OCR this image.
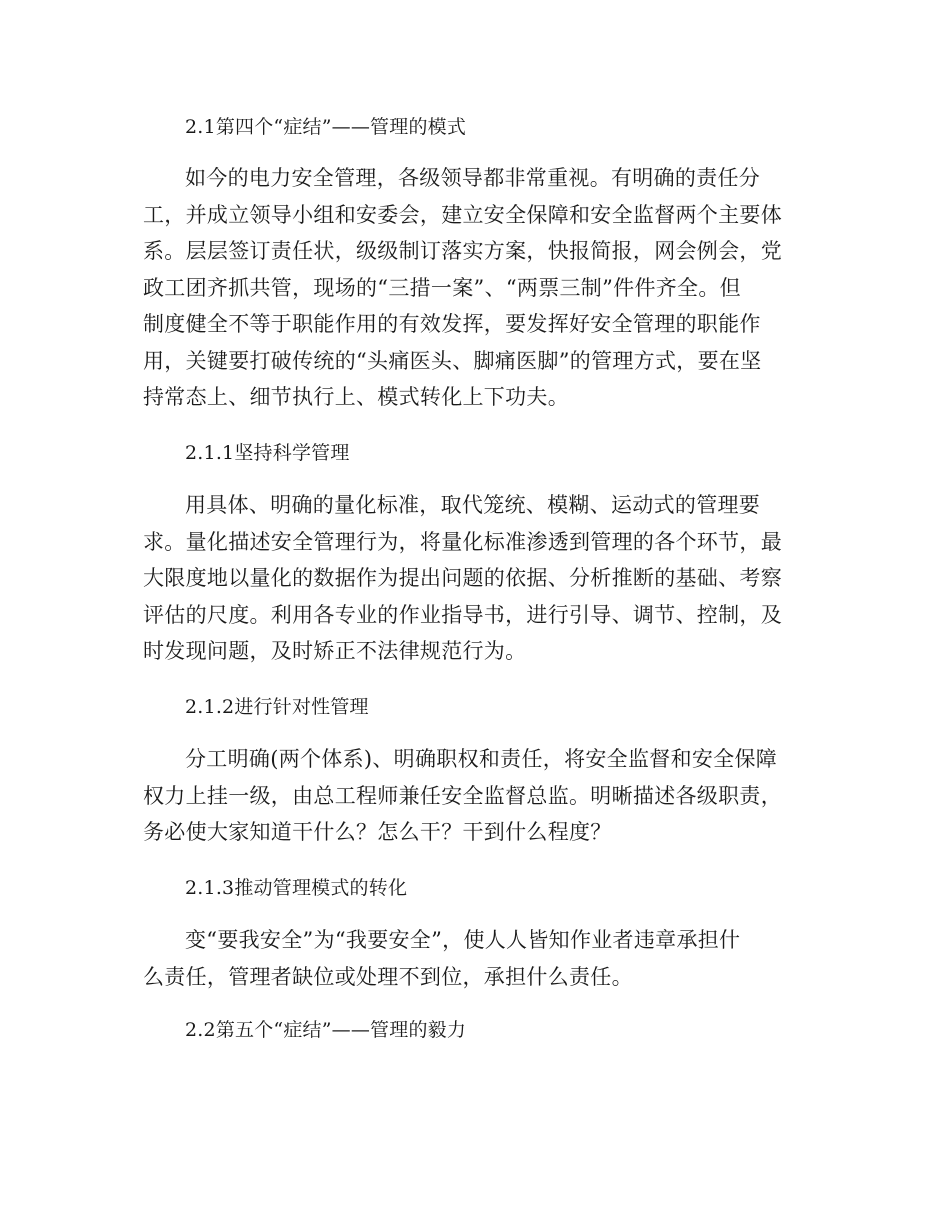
2.1第四个“症结”——管理的模式

如今的电力安全管理，各级领导都非常重视。有明确的责任分

工，并成立领导小组和安委会，建立安全保障和安全监督两个主要体

系。层层签订责任状，级级制订落实方案，快报简报，网会例会，党

政工团齐抓共管，现场的“三措一案”、“两票三制”件件齐全。但

制度健全不等于职能作用的有效发挥，要发挥好安全管理的职能作

用，关键要打破传统的“头痛医头、脚痛医脚”的管理方式，要在坚

持常态上、细节执行上、模式转化上下功夫。

2.1.1坚持科学管理

用具体、明确的量化标准，取代笼统、模糊、运动式的管理要

求。量化描述安全管理行为，将量化标准渗透到管理的各个环节，最

大限度地以量化的数据作为提出问题的依据、分析推断的基础、考察

评估的尺度。利用各专业的作业指导书，进行引导、调节、控制，及

时发现问题，及时矫正不法律规范行为。

2.1.2进行针对性管理

分工明确(两个体系)、明确职权和责任，将安全监督和安全保障

权力上挂一级，由总工程师兼任安全监督总监。明晰描述各级职责，

务必使大家知道干什么？怎么干？干到什么程度？

2.1.3推动管理模式的转化

变“要我安全”为“我要安全”，使人人皆知作业者违章承担什

么责任，管理者缺位或处理不到位，承担什么责任。

2.2第五个“症结”——管理的毅力
